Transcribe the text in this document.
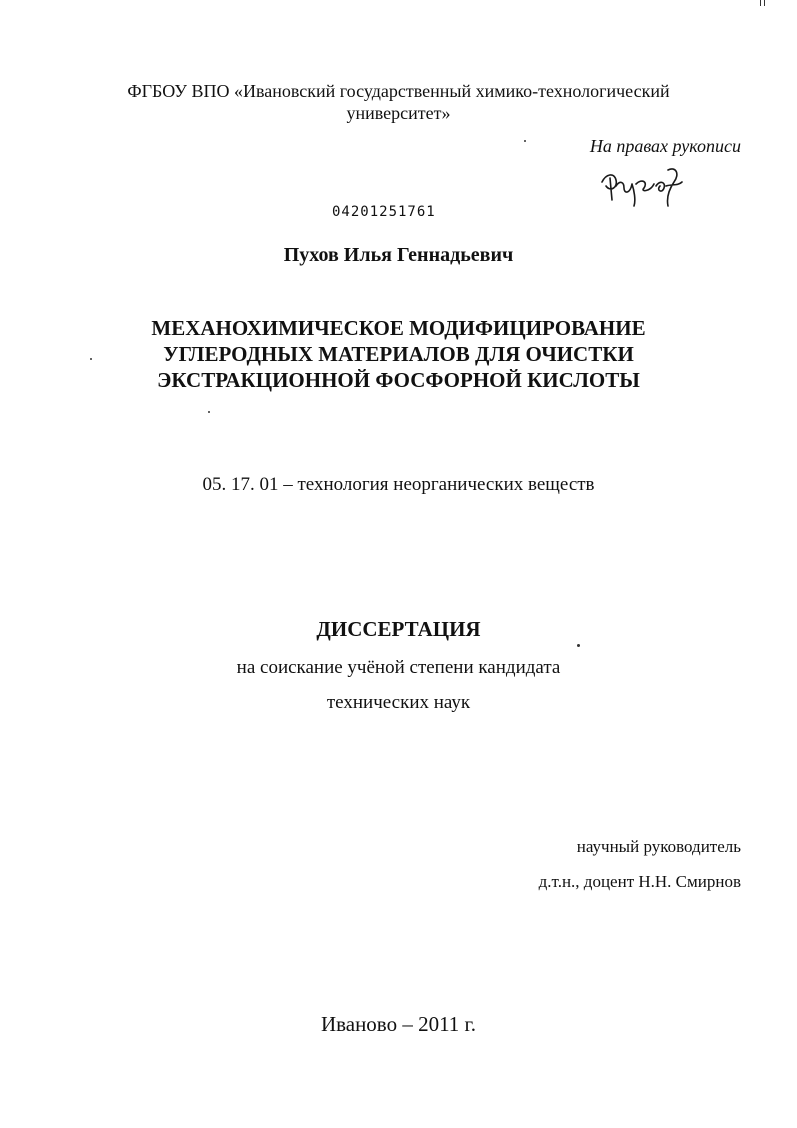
ФГБОУ ВПО «Ивановский государственный химико-технологический
университет»
На правах рукописи
04201251761
Пухов Илья Геннадьевич
МЕХАНОХИМИЧЕСКОЕ МОДИФИЦИРОВАНИЕ
УГЛЕРОДНЫХ МАТЕРИАЛОВ ДЛЯ ОЧИСТКИ
ЭКСТРАКЦИОННОЙ ФОСФОРНОЙ КИСЛОТЫ
05. 17. 01 – технология неорганических веществ
ДИССЕРТАЦИЯ
на соискание учёной степени кандидата
технических наук
научный руководитель
д.т.н., доцент Н.Н. Смирнов
Иваново – 2011 г.
